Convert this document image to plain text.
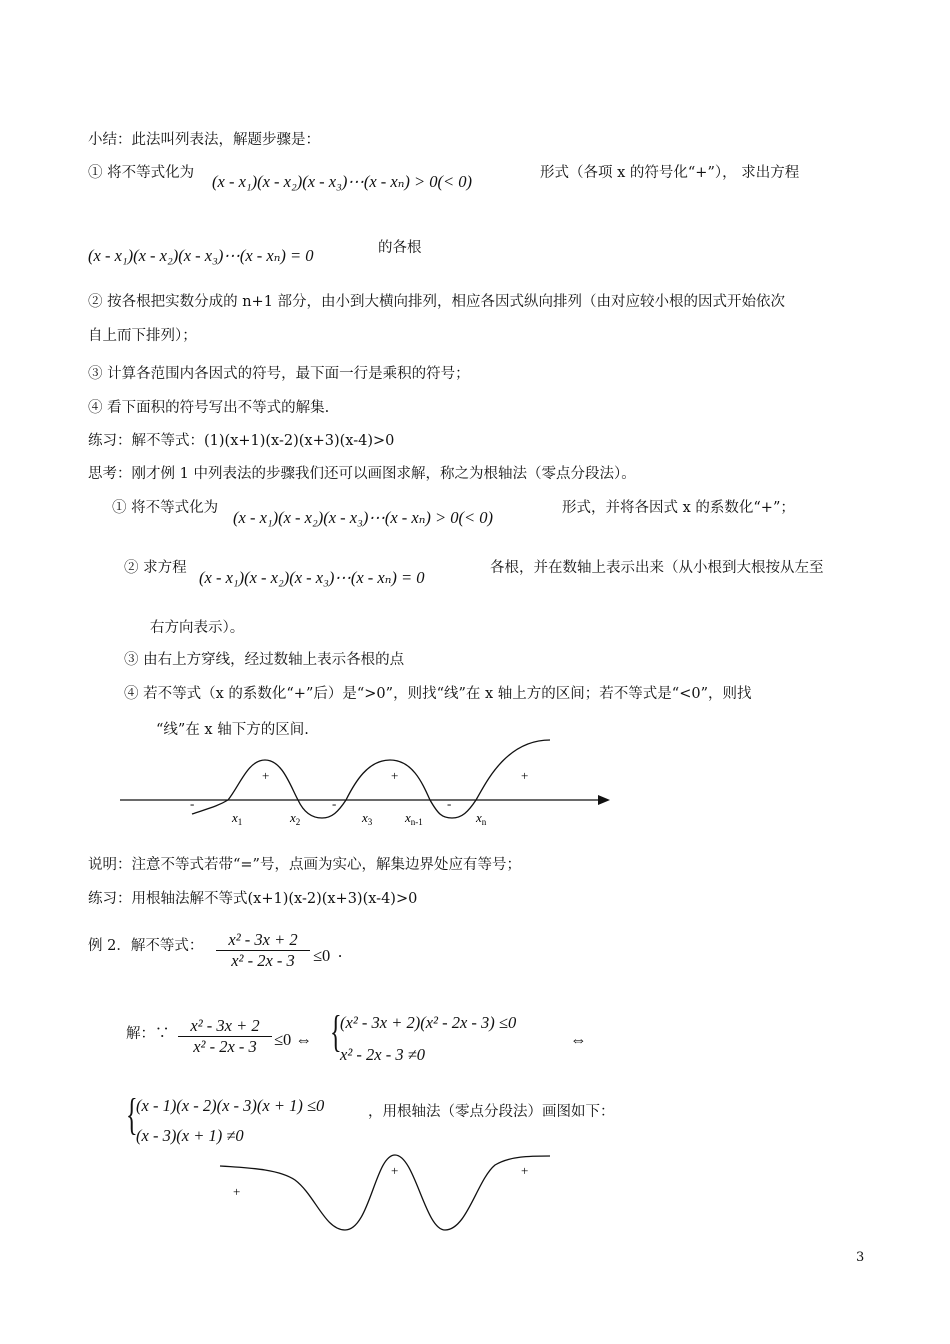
小结：此法叫列表法，解题步骤是：
① 将不等式化为 (x - x₁)(x - x₂)(x - x₃)⋯(x - xₙ) > 0(< 0)	形式（各项 x 的符号化“+”）， 求出方程
(x - x₁)(x - x₂)(x - x₃)⋯(x - xₙ) = 0	的各根
② 按各根把实数分成的 n+1 部分，由小到大横向排列，相应各因式纵向排列（由对应较小根的因式开始依次
自上而下排列）；
③ 计算各范围内各因式的符号，最下面一行是乘积的符号；
④ 看下面积的符号写出不等式的解集.
练习：解不等式：(1)(x+1)(x-2)(x+3)(x-4)>0
思考：刚才例 1 中列表法的步骤我们还可以画图求解，称之为根轴法（零点分段法）。
① 将不等式化为 (x - x₁)(x - x₂)(x - x₃)⋯(x - xₙ) > 0(< 0)	形式，并将各因式 x 的系数化“+”；
② 求方程 (x - x₁)(x - x₂)(x - x₃)⋯(x - xₙ) = 0	各根，并在数轴上表示出来（从小根到大根按从左至
右方向表示）。
③ 由右上方穿线，经过数轴上表示各根的点
④ 若不等式（x 的系数化“+”后）是“>0”，则找“线”在 x 轴上方的区间；若不等式是“<0”，则找
“线”在 x 轴下方的区间.
-
+
-
+
-
+
$x_1$	$x_2$	$x_3$	$x_{n-1}$	$x_n$
说明：注意不等式若带“=”号，点画为实心，解集边界处应有等号；
练习：用根轴法解不等式(x+1)(x-2)(x+3)(x-4)>0
例 2．解不等式：	x² - 3x + 2
x² - 2x - 3	≤0 .
解：∵	x² - 3x + 2
x² - 2x - 3	≤0 ⇔ {
(x² - 3x + 2)(x² - 2x - 3) ≤0
x² - 2x - 3 ≠0
⇔
{
(x - 1)(x - 2)(x - 3)(x + 1) ≤0
(x - 3)(x + 1) ≠0
，用根轴法（零点分段法）画图如下：
+
+	+
3
